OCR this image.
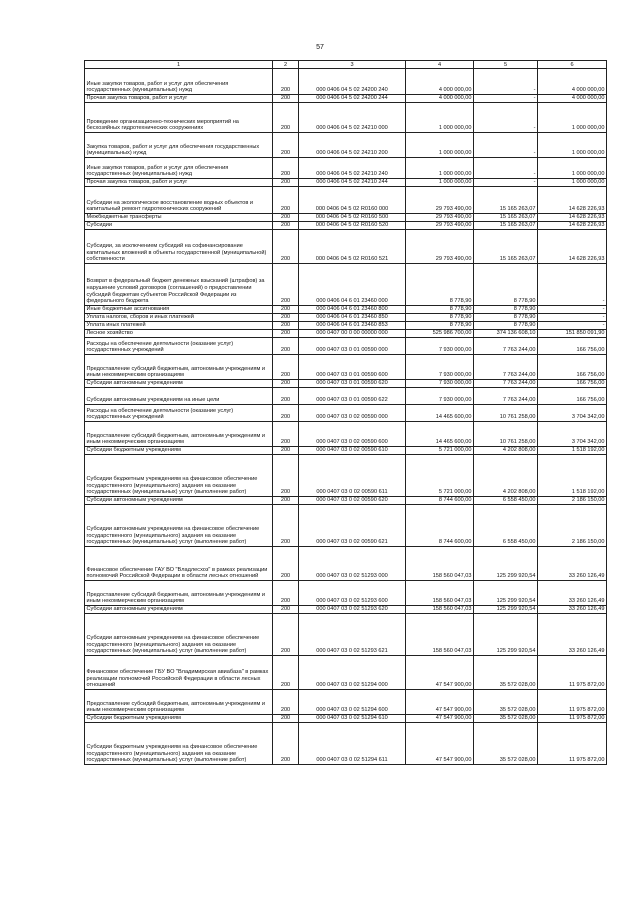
57
1	2	3	4	5	6
Иные закупки товаров, работ и услуг для обеспечения государственных (муниципальных) нужд	200	000 0406 04 5 02 24200 240	4 000 000,00	-	4 000 000,00
Прочая закупка товаров, работ и услуг	200	000 0406 04 5 02 24200 244	4 000 000,00	-	4 000 000,00
Проведение организационно-технических мероприятий на бесхозяйных гидротехнических сооружениях	200	000 0406 04 5 02 24210 000	1 000 000,00	-	1 000 000,00
Закупка товаров, работ и услуг для обеспечения государственных (муниципальных) нужд	200	000 0406 04 5 02 24210 200	1 000 000,00	-	1 000 000,00
Иные закупки товаров, работ и услуг для обеспечения государственных (муниципальных) нужд	200	000 0406 04 5 02 24210 240	1 000 000,00	-	1 000 000,00
Прочая закупка товаров, работ и услуг	200	000 0406 04 5 02 24210 244	1 000 000,00	-	1 000 000,00
Субсидии на экологическое восстановление водных объектов и капитальный ремонт гидротехнических сооружений	200	000 0406 04 5 02 R0160 000	29 793 490,00	15 165 263,07	14 628 226,93
Межбюджетные трансферты	200	000 0406 04 5 02 R0160 500	29 793 490,00	15 165 263,07	14 628 226,93
Субсидии	200	000 0406 04 5 02 R0160 520	29 793 490,00	15 165 263,07	14 628 226,93
Субсидии, за исключением субсидий на софинансирование капитальных вложений в объекты государственной (муниципальной) собственности	200	000 0406 04 5 02 R0160 521	29 793 490,00	15 165 263,07	14 628 226,93
Возврат в федеральный бюджет денежных взысканий (штрафов) за нарушение условий договоров (соглашений) о предоставлении субсидий бюджетам субъектов Российской Федерации из федерального бюджета	200	000 0406 04 6 01 23460 000	8 778,90	8 778,90	-
Иные бюджетные ассигнования	200	000 0406 04 6 01 23460 800	8 778,90	8 778,90	-
Уплата налогов, сборов и иных платежей	200	000 0406 04 6 01 23460 850	8 778,90	8 778,90	-
Уплата иных платежей	200	000 0406 04 6 01 23460 853	8 778,90	8 778,90	-
Лесное хозяйство	200	000 0407 00 0 00 00000 000	525 986 700,00	374 136 608,10	151 850 091,90
Расходы на обеспечение деятельности (оказание услуг) государственных учреждений	200	000 0407 03 0 01 00590 000	7 930 000,00	7 763 244,00	166 756,00
Предоставление субсидий бюджетным, автономным учреждениям и иным некоммерческим организациям	200	000 0407 03 0 01 00590 600	7 930 000,00	7 763 244,00	166 756,00
Субсидии автономным учреждениям	200	000 0407 03 0 01 00590 620	7 930 000,00	7 763 244,00	166 756,00
Субсидии автономным учреждениям на иные цели	200	000 0407 03 0 01 00590 622	7 930 000,00	7 763 244,00	166 756,00
Расходы на обеспечение деятельности (оказание услуг) государственных учреждений	200	000 0407 03 0 02 00590 000	14 465 600,00	10 761 258,00	3 704 342,00
Предоставление субсидий бюджетным, автономным учреждениям и иным некоммерческим организациям	200	000 0407 03 0 02 00590 600	14 465 600,00	10 761 258,00	3 704 342,00
Субсидии бюджетным учреждениям	200	000 0407 03 0 02 00590 610	5 721 000,00	4 202 808,00	1 518 192,00
Субсидии бюджетным учреждениям на финансовое обеспечение государственного (муниципального) задания на оказание государственных (муниципальных) услуг (выполнение работ)	200	000 0407 03 0 02 00590 611	5 721 000,00	4 202 808,00	1 518 192,00
Субсидии автономным учреждениям	200	000 0407 03 0 02 00590 620	8 744 600,00	6 558 450,00	2 186 150,00
Субсидии автономным учреждениям на финансовое обеспечение государственного (муниципального) задания на оказание государственных (муниципальных) услуг (выполнение работ)	200	000 0407 03 0 02 00590 621	8 744 600,00	6 558 450,00	2 186 150,00
Финансовое обеспечение ГАУ ВО "Владлесхоз" в рамках реализации полномочий Российской Федерации в области лесных отношений	200	000 0407 03 0 02 51293 000	158 560 047,03	125 299 920,54	33 260 126,49
Предоставление субсидий бюджетным, автономным учреждениям и иным некоммерческим организациям	200	000 0407 03 0 02 51293 600	158 560 047,03	125 299 920,54	33 260 126,49
Субсидии автономным учреждениям	200	000 0407 03 0 02 51293 620	158 560 047,03	125 299 920,54	33 260 126,49
Субсидии автономным учреждениям на финансовое обеспечение государственного (муниципального) задания на оказание государственных (муниципальных) услуг (выполнение работ)	200	000 0407 03 0 02 51293 621	158 560 047,03	125 299 920,54	33 260 126,49
Финансовое обеспечение ГБУ ВО "Владимирская авиабаза" в рамках реализации полномочий Российской Федерации в области лесных отношений	200	000 0407 03 0 02 51294 000	47 547 900,00	35 572 028,00	11 975 872,00
Предоставление субсидий бюджетным, автономным учреждениям и иным некоммерческим организациям	200	000 0407 03 0 02 51294 600	47 547 900,00	35 572 028,00	11 975 872,00
Субсидии бюджетным учреждениям	200	000 0407 03 0 02 51294 610	47 547 900,00	35 572 028,00	11 975 872,00
Субсидии бюджетным учреждениям на финансовое обеспечение государственного (муниципального) задания на оказание государственных (муниципальных) услуг (выполнение работ)	200	000 0407 03 0 02 51294 611	47 547 900,00	35 572 028,00	11 975 872,00
